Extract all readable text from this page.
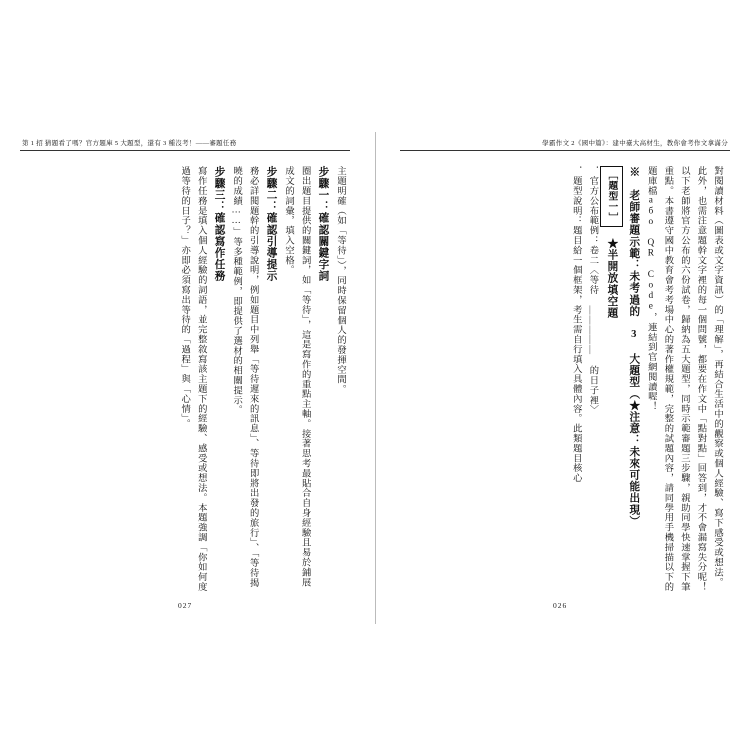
第 1 招 猜題看了嗎？官方題庫 5 大題型，還有 3 種沒考！——審題任務

主題明確（如「等待」），同時保留個人的發揮空間。

步驟一：確認關鍵字詞

圈出題目提供的關鍵詞，如「等待」，這是寫作的重點主軸。接著思考最貼合自身經驗且易於鋪展成文的詞彙，填入空格。

步驟二：確認引導提示

務必詳閱題幹的引導說明，例如題目中列舉「等待遲來的訊息」、等待即將出發的旅行」、「等待揭曉的成績……」等多種範例，即提供了選材的相關提示。

步驟三：確認寫作任務

寫作任務是填入個人經驗的詞語，並完整敘寫該主題下的經驗、感受或想法。本題強調「你如何度過等待的日子？」亦即必須寫出等待的「過程」與「心情」。

027
學霸作文 2《國中篇》：建中臺大高材生，教你會考作文拿滿分

對閱讀材料（圖表或文字資訊）的「理解」，再結合生活中的觀察或個人經驗、寫下感受或想法。此外，也需注意題幹文字裡的每一個問號，都要在作文中「點對點」回答到，才不會漏寫失分呢！

以下老師將官方公布的六份試卷，歸納為五大題型，同時示範審題三步驟，親助同學快速掌握下筆重點。本書遵守國中教育會考考場中心的著作權規範，完整的試題內容，請同學用手機掃描以下的題庫檔або QR Code，連結到官網閱讀喔！

※ 老師審題示範：未考過的 3 大題型（★注意：未來可能出現）

［題型一］ ★半開放填空題

．官方公布範例：卷二〈等待 ＿＿＿＿＿ 的日子裡〉

．題型說明：題目給一個框架，考生需自行填入具體內容。此類題目核心

026
